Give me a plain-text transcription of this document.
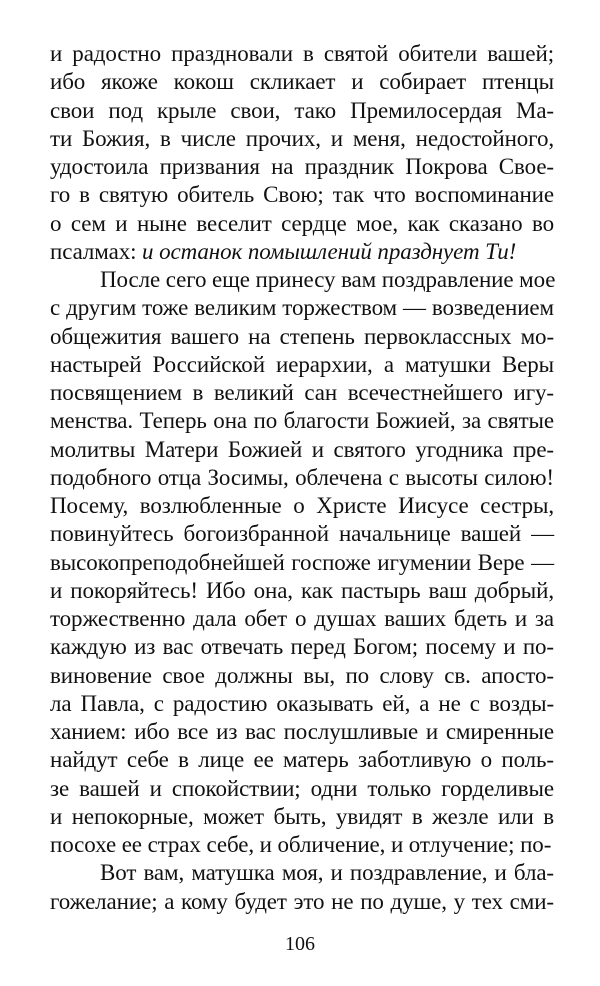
и радостно праздновали в святой обители вашей;
ибо якоже кокош скликает и собирает птенцы
свои под крыле свои, тако Премилосердая Ма-
ти Божия, в числе прочих, и меня, недостойного,
удостоила призвания на праздник Покрова Свое-
го в святую обитель Свою; так что воспоминание
о сем и ныне веселит сердце мое, как сказано во
псалмах: и останок помышлений празднует Ти!
После сего еще принесу вам поздравление мое
с другим тоже великим торжеством — возведением
общежития вашего на степень первоклассных мо-
настырей Российской иерархии, а матушки Веры
посвящением в великий сан всечестнейшего игу-
менства. Теперь она по благости Божией, за святые
молитвы Матери Божией и святого угодника пре-
подобного отца Зосимы, облечена с высоты силою!
Посему, возлюбленные о Христе Иисусе сестры,
повинуйтесь богоизбранной начальнице вашей —
высокопреподобнейшей госпоже игумении Вере —
и покоряйтесь! Ибо она, как пастырь ваш добрый,
торжественно дала обет о душах ваших бдеть и за
каждую из вас отвечать перед Богом; посему и по-
виновение свое должны вы, по слову св. апосто-
ла Павла, с радостию оказывать ей, а не с возды-
ханием: ибо все из вас послушливые и смиренные
найдут себе в лице ее матерь заботливую о поль-
зе вашей и спокойствии; одни только горделивые
и непокорные, может быть, увидят в жезле или в
посохе ее страх себе, и обличение, и отлучение; по-
Вот вам, матушка моя, и поздравление, и бла-
гожелание; а кому будет это не по душе, у тех сми-
106
